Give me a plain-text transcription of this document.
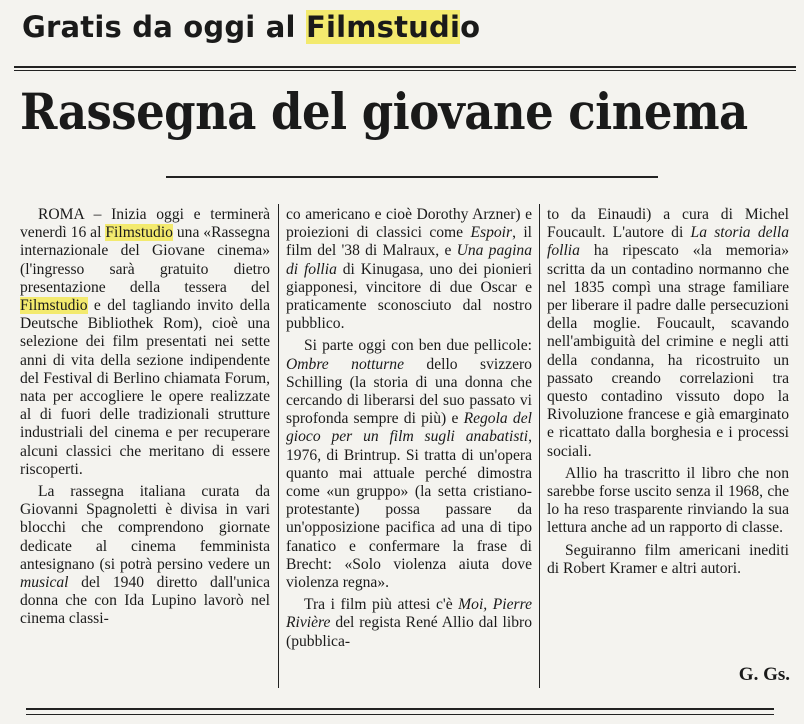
Gratis da oggi al Filmstudio
Rassegna del giovane cinema

ROMA – Inizia oggi e terminerà venerdì 16 al Filmstudio una «Rassegna internazionale del Giovane cinema» (l'ingresso sarà gratuito dietro presentazione della tessera del Filmstudio e del tagliando invito della Deutsche Bibliothek Rom), cioè una selezione dei film presentati nei sette anni di vita della sezione indipendente del Festival di Berlino chiamata Forum, nata per accogliere le opere realizzate al di fuori delle tradizionali strutture industriali del cinema e per recuperare alcuni classici che meritano di essere riscoperti.

La rassegna italiana curata da Giovanni Spagnoletti è divisa in vari blocchi che comprendono giornate dedicate al cinema femminista antesignano (si potrà persino vedere un musical del 1940 diretto dall'unica donna che con Ida Lupino lavorò nel cinema classi-

co americano e cioè Dorothy Arzner) e proiezioni di classici come Espoir, il film del '38 di Malraux, e Una pagina di follia di Kinugasa, uno dei pionieri giapponesi, vincitore di due Oscar e praticamente sconosciuto dal nostro pubblico.

Si parte oggi con ben due pellicole: Ombre notturne dello svizzero Schilling (la storia di una donna che cercando di liberarsi del suo passato vi sprofonda sempre di più) e Regola del gioco per un film sugli anabatisti, 1976, di Brintrup. Si tratta di un'opera quanto mai attuale perché dimostra come «un gruppo» (la setta cristiano-protestante) possa passare da un'opposizione pacifica ad una di tipo fanatico e confermare la frase di Brecht: «Solo violenza aiuta dove violenza regna».

Tra i film più attesi c'è Moi, Pierre Rivière del regista René Allio dal libro (pubblica-

to da Einaudi) a cura di Michel Foucault. L'autore di La storia della follia ha ripescato «la memoria» scritta da un contadino normanno che nel 1835 compì una strage familiare per liberare il padre dalle persecuzioni della moglie. Foucault, scavando nell'ambiguità del crimine e negli atti della condanna, ha ricostruito un passato creando correlazioni tra questo contadino vissuto dopo la Rivoluzione francese e già emarginato e ricattato dalla borghesia e i processi sociali.

Allio ha trascritto il libro che non sarebbe forse uscito senza il 1968, che lo ha reso trasparente rinviando la sua lettura anche ad un rapporto di classe.

Seguiranno film americani inediti di Robert Kramer e altri autori.

G. Gs.
